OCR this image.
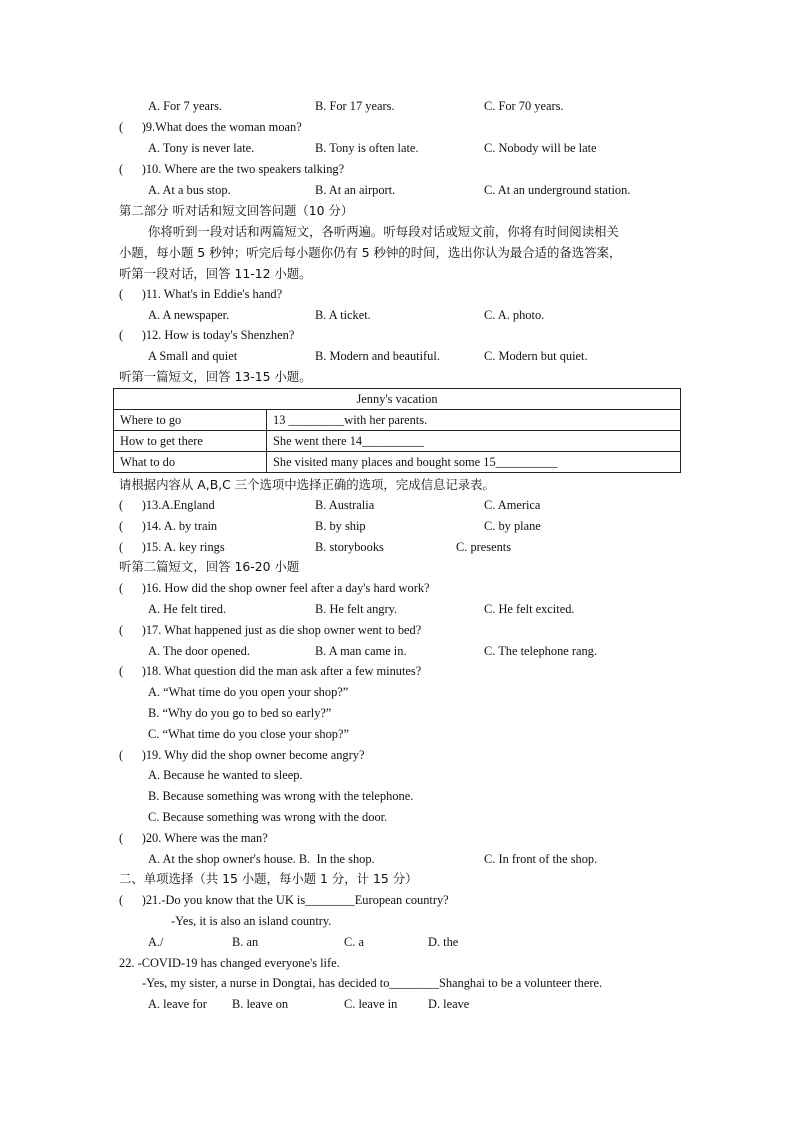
A. For 7 years.	B. For 17 years.	C. For 70 years.
(      )9.What does the woman moan?
A. Tony is never late.	B. Tony is often late.	C. Nobody will be late
(      )10. Where are the two speakers talking?
A. At a bus stop.	B. At an airport.	C. At an underground station.
第二部分 听对话和短文回答问题（10 分）
你将听到一段对话和两篇短文，各听两遍。听每段对话或短文前，你将有时间阅读相关
小题，每小题 5 秒钟；听完后每小题你仍有 5 秒钟的时间，选出你认为最合适的备选答案，
听第一段对话，回答 11-12 小题。
(      )11. What's in Eddie's hand?
A. A newspaper.	B. A ticket.	C. A. photo.
(      )12. How is today's Shenzhen?
A Small and quiet	B. Modern and beautiful.	C. Modern but quiet.
听第一篇短文，回答 13-15 小题。
Jenny's vacation	
Where to go	13 _________with her parents.
How to get there	She went there 14__________
What to do	She visited many places and bought some 15__________
请根据内容从 A,B,C 三个选项中选择正确的选项，完成信息记录表。
(      )13.A.England	B. Australia	C. America
(      )14. A. by train	B. by ship	C. by plane
(      )15. A. key rings	B. storybooks	C. presents
听第二篇短文，回答 16-20 小题
(      )16. How did the shop owner feel after a day's hard work?
A. He felt tired.	B. He felt angry.	C. He felt excited.
(      )17. What happened just as die shop owner went to bed?
A. The door opened.	B. A man came in.	C. The telephone rang.
(      )18. What question did the man ask after a few minutes?
A. “What time do you open your shop?”
B. “Why do you go to bed so early?”
C. “What time do you close your shop?”
(      )19. Why did the shop owner become angry?
A. Because he wanted to sleep.
B. Because something was wrong with the telephone.
C. Because something was wrong with the door.
(      )20. Where was the man?
A. At the shop owner's house. B.  In the shop.	C. In front of the shop.
二、单项选择（共 15 小题，每小题 1 分，计 15 分）
(      )21.-Do you know that the UK is________European country?
-Yes, it is also an island country.
A./	B. an	C. a	D. the
22. -COVID-19 has changed everyone's life.
-Yes, my sister, a nurse in Dongtai, has decided to________Shanghai to be a volunteer there.
A. leave for B. leave on	C. leave in D. leave
